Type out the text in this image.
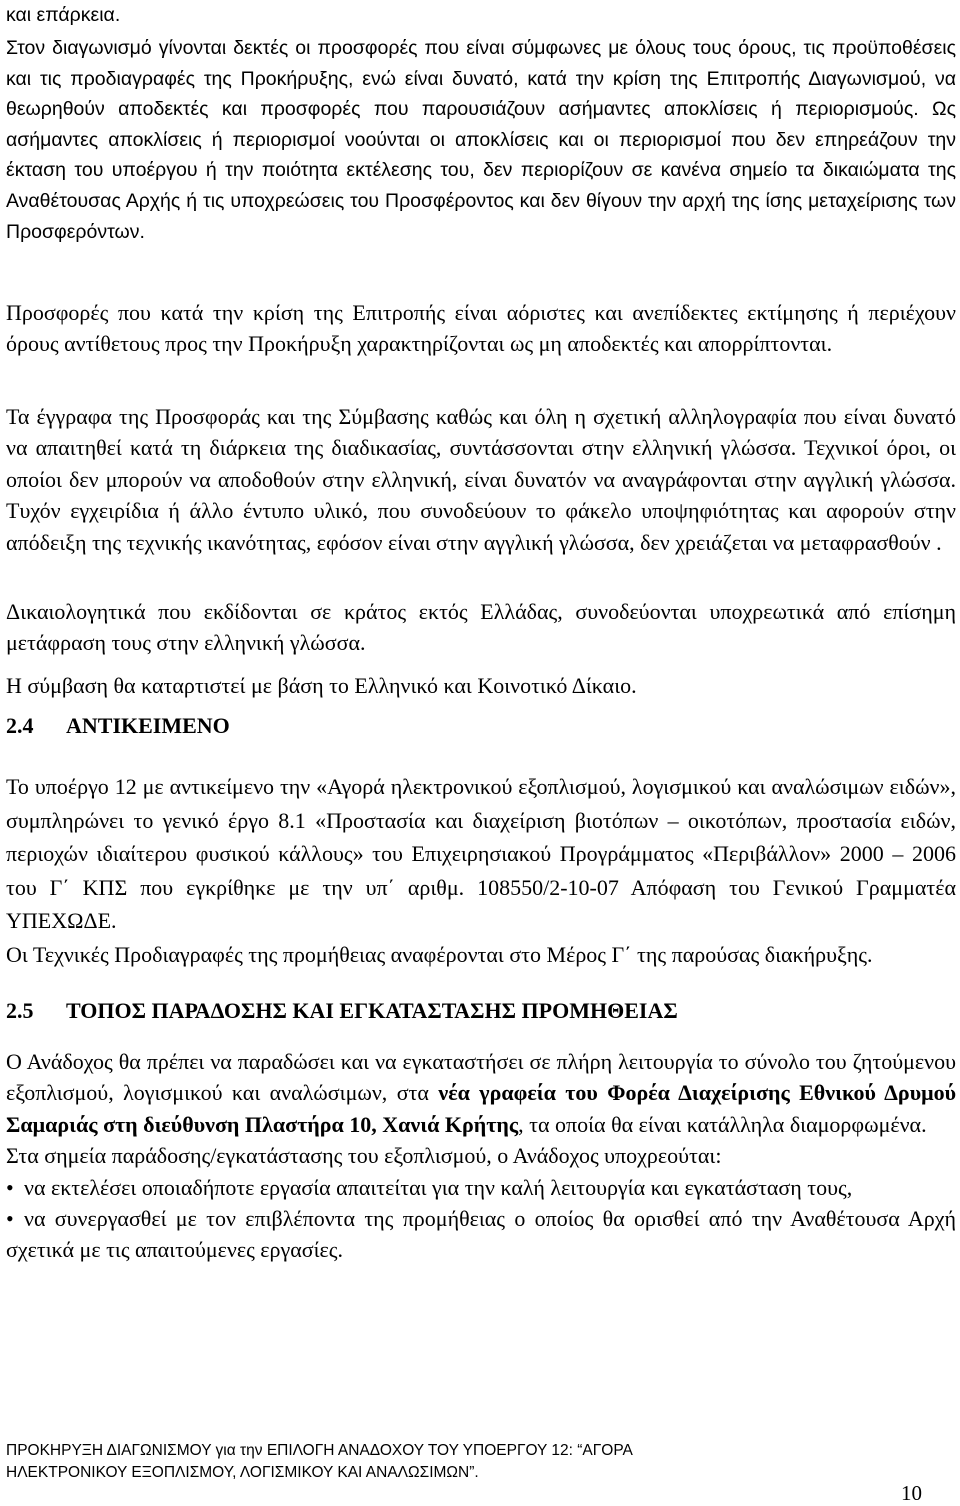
και επάρκεια.

Στον διαγωνισμό γίνονται δεκτές οι προσφορές που είναι σύμφωνες με όλους τους όρους, τις προϋποθέσεις και τις προδιαγραφές της Προκήρυξης, ενώ είναι δυνατό, κατά την κρίση της Επιτροπής Διαγωνισμού, να θεωρηθούν αποδεκτές και προσφορές που παρουσιάζουν ασήμαντες αποκλίσεις ή περιορισμούς. Ως ασήμαντες αποκλίσεις ή περιορισμοί νοούνται οι αποκλίσεις και οι περιορισμοί που δεν επηρεάζουν την έκταση του υποέργου ή την ποιότητα εκτέλεσης του, δεν περιορίζουν σε κανένα σημείο τα δικαιώματα της Αναθέτουσας Αρχής ή τις υποχρεώσεις του Προσφέροντος και δεν θίγουν την αρχή της ίσης μεταχείρισης των Προσφερόντων.

Προσφορές που κατά την κρίση της Επιτροπής είναι αόριστες και ανεπίδεκτες εκτίμησης ή περιέχουν όρους αντίθετους προς την Προκήρυξη χαρακτηρίζονται ως μη αποδεκτές και απορρίπτονται.

Τα έγγραφα της Προσφοράς και της Σύμβασης καθώς και όλη η σχετική αλληλογραφία που είναι δυνατό να απαιτηθεί κατά τη διάρκεια της διαδικασίας, συντάσσονται στην ελληνική γλώσσα. Τεχνικοί όροι, οι οποίοι δεν μπορούν να αποδοθούν στην ελληνική, είναι δυνατόν να αναγράφονται στην αγγλική γλώσσα. Τυχόν εγχειρίδια ή άλλο έντυπο υλικό, που συνοδεύουν το φάκελο υποψηφιότητας και αφορούν στην απόδειξη της τεχνικής ικανότητας, εφόσον είναι στην αγγλική γλώσσα, δεν χρειάζεται να μεταφρασθούν .

Δικαιολογητικά που εκδίδονται σε κράτος εκτός Ελλάδας, συνοδεύονται υποχρεωτικά από επίσημη μετάφραση τους στην ελληνική γλώσσα.

Η σύμβαση θα καταρτιστεί με βάση το Ελληνικό και Κοινοτικό Δίκαιο.

2.4 ΑΝΤΙΚΕΙΜΕΝΟ

Το υποέργο 12 με αντικείμενο την «Αγορά ηλεκτρονικού εξοπλισμού, λογισμικού και αναλώσιμων ειδών», συμπληρώνει το γενικό έργο 8.1 «Προστασία και διαχείριση βιοτόπων – οικοτόπων, προστασία ειδών, περιοχών ιδιαίτερου φυσικού κάλλους» του Επιχειρησιακού Προγράμματος «Περιβάλλον» 2000 – 2006 του Γ΄ ΚΠΣ που εγκρίθηκε με την υπ΄ αριθμ. 108550/2-10-07 Απόφαση του Γενικού Γραμματέα ΥΠΕΧΩΔΕ.

Οι Τεχνικές Προδιαγραφές της προμήθειας αναφέρονται στο Μέρος Γ΄ της παρούσας διακήρυξης.

2.5 ΤΟΠΟΣ ΠΑΡΑΔΟΣΗΣ ΚΑΙ ΕΓΚΑΤΑΣΤΑΣΗΣ ΠΡΟΜΗΘΕΙΑΣ

Ο Ανάδοχος θα πρέπει να παραδώσει και να εγκαταστήσει σε πλήρη λειτουργία το σύνολο του ζητούμενου εξοπλισμού, λογισμικού και αναλώσιμων, στα νέα γραφεία του Φορέα Διαχείρισης Εθνικού Δρυμού Σαμαριάς στη διεύθυνση Πλαστήρα 10, Χανιά Κρήτης, τα οποία θα είναι κατάλληλα διαμορφωμένα.

Στα σημεία παράδοσης/εγκατάστασης του εξοπλισμού, ο Ανάδοχος υποχρεούται:

• να εκτελέσει οποιαδήποτε εργασία απαιτείται για την καλή λειτουργία και εγκατάσταση τους,

• να συνεργασθεί με τον επιβλέποντα της προμήθειας ο οποίος θα ορισθεί από την Αναθέτουσα Αρχή σχετικά με τις απαιτούμενες εργασίες.

ΠΡΟΚΗΡΥΞΗ ΔΙΑΓΩΝΙΣΜΟΥ για την ΕΠΙΛΟΓΗ ΑΝΑΔΟΧΟΥ ΤΟΥ ΥΠΟΕΡΓΟΥ 12: “ΑΓΟΡΑ
ΗΛΕΚΤΡΟΝΙΚΟΥ ΕΞΟΠΛΙΣΜΟΥ, ΛΟΓΙΣΜΙΚΟΥ ΚΑΙ ΑΝΑΛΩΣΙΜΩΝ”.
10
